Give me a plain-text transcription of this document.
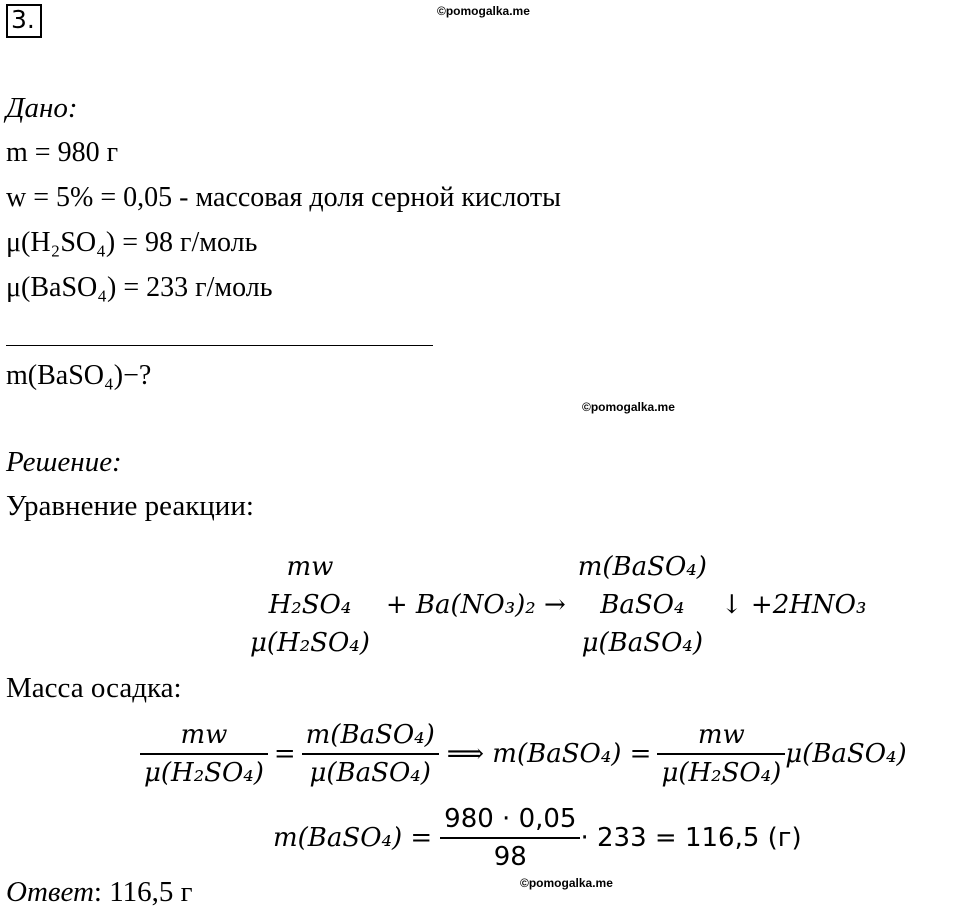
3.	©pomogalka.me
Дано:
m = 980 г
w = 5% = 0,05 - массовая доля серной кислоты
μ(H₂SO₄) = 98 г/моль
μ(BaSO₄) = 233 г/моль
m(BaSO₄)−?
©pomogalka.me
Решение:
Уравнение реакции:
mw
H₂SO₄
μ(H₂SO₄)
+ Ba(NO₃)₂ →
m(BaSO₄)
BaSO₄
μ(BaSO₄)
↓ +2HNO₃
Масса осадка:
$\frac{mw}{\text{μ(H₂SO₄)}} = \frac{\text{m(BaSO₄)}}{\text{μ(BaSO₄)}}$ ⟹ m(BaSO₄) = $\frac{mw}{\text{μ(H₂SO₄)}}$ μ(BaSO₄)
m(BaSO₄) = $\frac{980 \cdot 0,05}{98} \cdot 233 = 116,5$ (г)
Ответ: 116,5 г	©pomogalka.me
